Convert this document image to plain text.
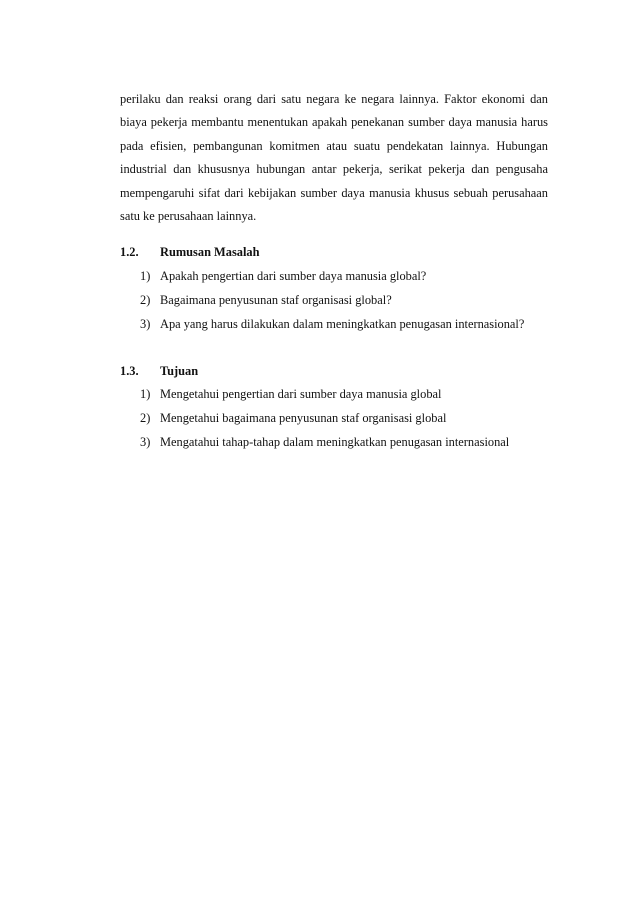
perilaku dan reaksi orang dari satu negara ke negara lainnya. Faktor ekonomi dan biaya pekerja membantu menentukan apakah penekanan sumber daya manusia harus pada efisien, pembangunan komitmen atau suatu pendekatan lainnya. Hubungan industrial dan khususnya hubungan antar pekerja, serikat pekerja dan pengusaha mempengaruhi sifat dari kebijakan sumber daya manusia khusus sebuah perusahaan satu ke perusahaan lainnya.

1.2. Rumusan Masalah
1) Apakah pengertian dari sumber daya manusia global?
2) Bagaimana penyusunan staf organisasi global?
3) Apa yang harus dilakukan dalam meningkatkan penugasan internasional?
1.3. Tujuan
1) Mengetahui pengertian dari sumber daya manusia global
2) Mengetahui bagaimana penyusunan staf organisasi global
3) Mengatahui tahap-tahap dalam meningkatkan penugasan internasional
